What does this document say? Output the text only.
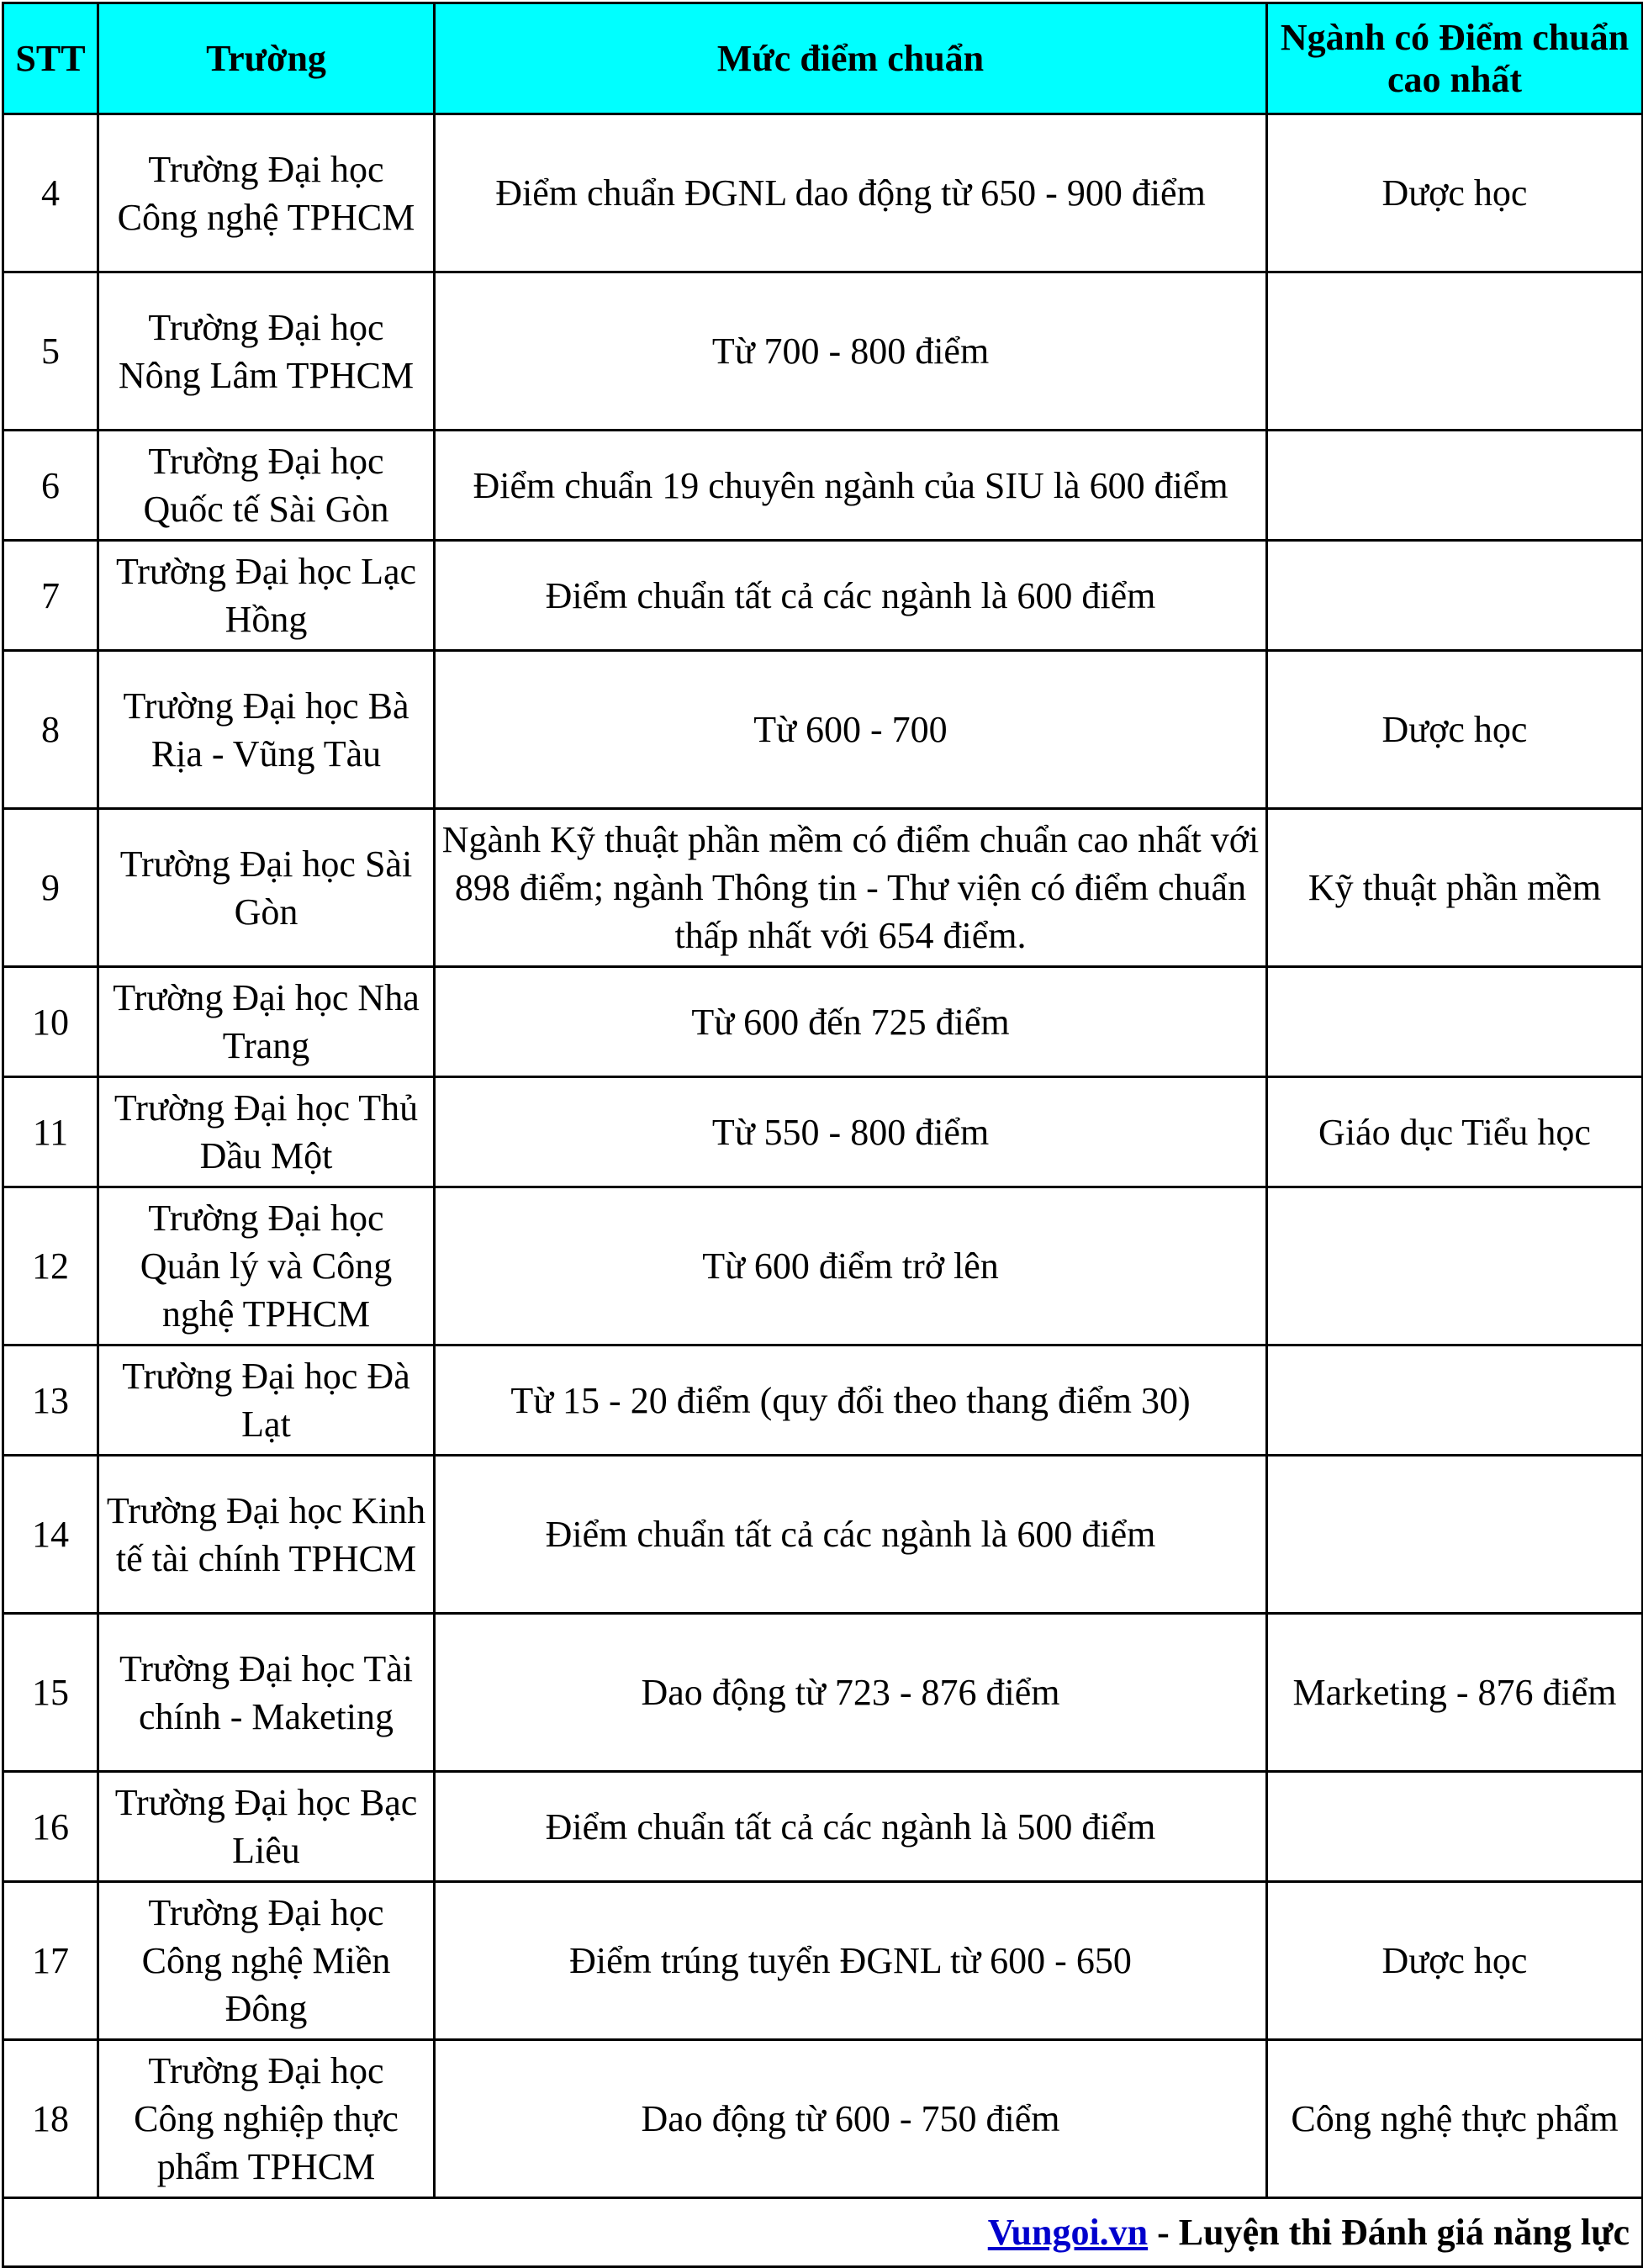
STT	Trường	Mức điểm chuẩn	Ngành có Điểm chuẩn cao nhất
4	Trường Đại học Công nghệ TPHCM	Điểm chuẩn ĐGNL dao động từ 650 - 900 điểm	Dược học
5	Trường Đại học Nông Lâm TPHCM	Từ 700 - 800 điểm	
6	Trường Đại học Quốc tế Sài Gòn	Điểm chuẩn 19 chuyên ngành của SIU là 600 điểm	
7	Trường Đại học Lạc Hồng	Điểm chuẩn tất cả các ngành là 600 điểm	
8	Trường Đại học Bà Rịa - Vũng Tàu	Từ 600 - 700	Dược học
9	Trường Đại học Sài Gòn	Ngành Kỹ thuật phần mềm có điểm chuẩn cao nhất với 898 điểm; ngành Thông tin - Thư viện có điểm chuẩn thấp nhất với 654 điểm.	Kỹ thuật phần mềm
10	Trường Đại học Nha Trang	Từ 600 đến 725 điểm	
11	Trường Đại học Thủ Dầu Một	Từ 550 - 800 điểm	Giáo dục Tiểu học
12	Trường Đại học Quản lý và Công nghệ TPHCM	Từ 600 điểm trở lên	
13	Trường Đại học Đà Lạt	Từ 15 - 20 điểm (quy đổi theo thang điểm 30)	
14	Trường Đại học Kinh tế tài chính TPHCM	Điểm chuẩn tất cả các ngành là 600 điểm	
15	Trường Đại học Tài chính - Maketing	Dao động từ 723 - 876 điểm	Marketing - 876 điểm
16	Trường Đại học Bạc Liêu	Điểm chuẩn tất cả các ngành là 500 điểm	
17	Trường Đại học Công nghệ Miền Đông	Điểm trúng tuyển ĐGNL từ 600 - 650	Dược học
18	Trường Đại học Công nghiệp thực phẩm TPHCM	Dao động từ 600 - 750 điểm	Công nghệ thực phẩm
Vungoi.vn - Luyện thi Đánh giá năng lực			
